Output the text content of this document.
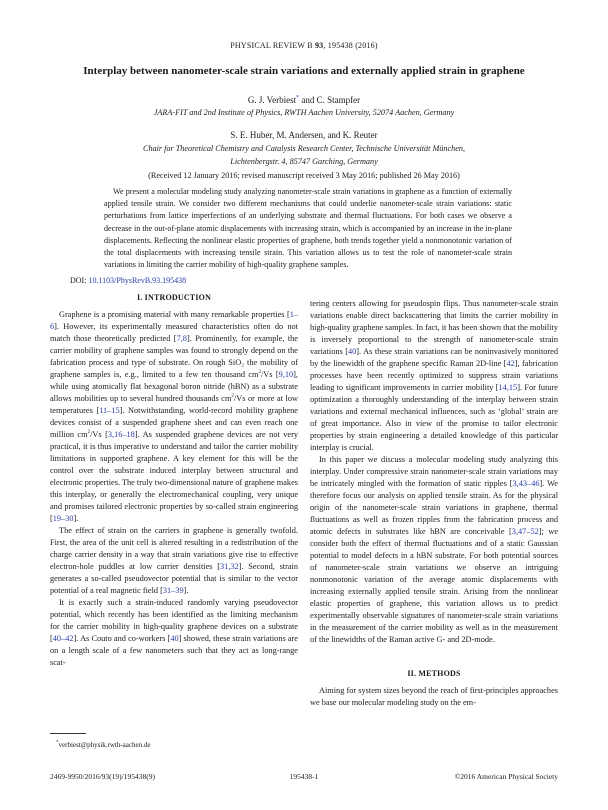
PHYSICAL REVIEW B 93, 195438 (2016)
Interplay between nanometer-scale strain variations and externally applied strain in graphene
G. J. Verbiest* and C. Stampfer
JARA-FIT and 2nd Institute of Physics, RWTH Aachen University, 52074 Aachen, Germany
S. E. Huber, M. Andersen, and K. Reuter
Chair for Theoretical Chemistry and Catalysis Research Center, Technische Universität München,
Lichtenbergstr. 4, 85747 Garching, Germany
(Received 12 January 2016; revised manuscript received 3 May 2016; published 26 May 2016)
We present a molecular modeling study analyzing nanometer-scale strain variations in graphene as a function of externally applied tensile strain. We consider two different mechanisms that could underlie nanometer-scale strain variations: static perturbations from lattice imperfections of an underlying substrate and thermal fluctuations. For both cases we observe a decrease in the out-of-plane atomic displacements with increasing strain, which is accompanied by an increase in the in-plane displacements. Reflecting the nonlinear elastic properties of graphene, both trends together yield a nonmonotonic variation of the total displacements with increasing tensile strain. This variation allows us to test the role of nanometer-scale strain variations in limiting the carrier mobility of high-quality graphene samples.
DOI: 10.1103/PhysRevB.93.195438
I. INTRODUCTION

Graphene is a promising material with many remarkable properties [1–6]. However, its experimentally measured characteristics often do not match those theoretically predicted [7,8]. Prominently, for example, the carrier mobility of graphene samples was found to strongly depend on the fabrication process and type of substrate. On rough SiO₂ the mobility of graphene samples is, e.g., limited to a few ten thousand $cm^2/Vs$ [9,10], while using atomically flat hexagonal boron nitride (hBN) as a substrate allows mobilities up to several hundred thousands $cm^2/Vs$ or more at low temperatures [11–15]. Notwithstanding, world-record mobility graphene devices consist of a suspended graphene sheet and can even reach one million $cm^2/Vs$ [3,16–18]. As suspended graphene devices are not very practical, it is thus imperative to understand and tailor the carrier mobility limitations in supported graphene. A key element for this will be the control over the substrate induced interplay between structural and electronic properties. The truly two-dimensional nature of graphene makes this interplay, or generally the electromechanical coupling, very unique and promises tailored electronic properties by so-called strain engineering [19–30].

The effect of strain on the carriers in graphene is generally twofold. First, the area of the unit cell is altered resulting in a redistribution of the charge carrier density in a way that strain variations give rise to effective electron-hole puddles at low carrier densities [31,32]. Second, strain generates a so-called pseudovector potential that is similar to the vector potential of a real magnetic field [31–39].

It is exactly such a strain-induced randomly varying pseudovector potential, which recently has been identified as the limiting mechanism for the carrier mobility in high-quality graphene devices on a substrate [40–42]. As Couto and co-workers [40] showed, these strain variations are on a length scale of a few nanometers such that they act as long-range scat-

tering centers allowing for pseudospin flips. Thus nanometer-scale strain variations enable direct backscattering that limits the carrier mobility in high-quality graphene samples. In fact, it has been shown that the mobility is inversely proportional to the strength of nanometer-scale strain variations [40]. As these strain variations can be noninvasively monitored by the linewidth of the graphene specific Raman 2D-line [42], fabrication processes have been recently optimized to suppress strain variations leading to significant improvements in carrier mobility [14,15]. For future optimization a thoroughly understanding of the interplay between strain variations and external mechanical influences, such as ‘global’ strain are of great importance. Also in view of the promise to tailor electronic properties by strain engineering a detailed knowledge of this particular interplay is crucial.

In this paper we discuss a molecular modeling study analyzing this interplay. Under compressive strain nanometer-scale strain variations may be intricately mingled with the formation of static ripples [3,43–46]. We therefore focus our analysis on applied tensile strain. As for the physical origin of the nanometer-scale strain variations in graphene, thermal fluctuations as well as frozen ripples from the fabrication process and atomic defects in substrates like hBN are conceivable [3,47–52]; we consider both the effect of thermal fluctuations and of a static Gaussian potential to model defects in a hBN substrate. For both potential sources of nanometer-scale strain variations we observe an intriguing nonmonotonic variation of the average atomic displacements with increasing externally applied tensile strain. Arising from the nonlinear elastic properties of graphene, this variation allows us to predict experimentally observable signatures of nanometer-scale strain variations in the measurement of the carrier mobility as well as in the measurement of the linewidths of the Raman active G- and 2D-mode.

II. METHODS

Aiming for system sizes beyond the reach of first-principles approaches we base our molecular modeling study on the em-

*verbiest@physik.rwth-aachen.de
2469-9950/2016/93(19)/195438(9)	195438-1	©2016 American Physical Society
